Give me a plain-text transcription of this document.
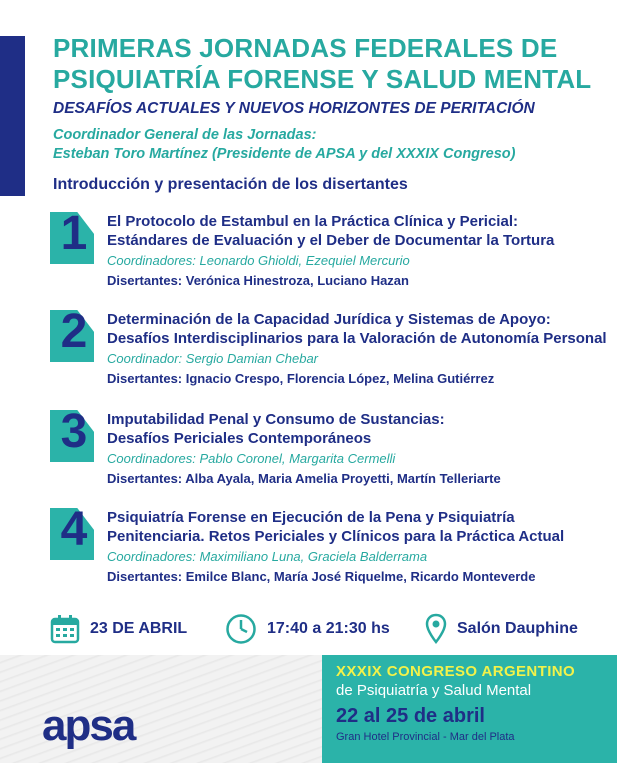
PRIMERAS JORNADAS FEDERALES DE
PSIQUIATRÍA FORENSE Y SALUD MENTAL
DESAFÍOS ACTUALES Y NUEVOS HORIZONTES DE PERITACIÓN
Coordinador General de las Jornadas:
Esteban Toro Martínez (Presidente de APSA y del XXXIX Congreso)
Introducción y presentación de los disertantes
1	El Protocolo de Estambul en la Práctica Clínica y Pericial:
Estándares de Evaluación y el Deber de Documentar la Tortura
Coordinadores: Leonardo Ghioldi, Ezequiel Mercurio
Disertantes: Verónica Hinestroza, Luciano Hazan
2	Determinación de la Capacidad Jurídica y Sistemas de Apoyo:
Desafíos Interdisciplinarios para la Valoración de Autonomía Personal
Coordinador: Sergio Damian Chebar
Disertantes: Ignacio Crespo, Florencia López, Melina Gutiérrez
3	Imputabilidad Penal y Consumo de Sustancias:
Desafíos Periciales Contemporáneos
Coordinadores: Pablo Coronel, Margarita Cermelli
Disertantes: Alba Ayala, Maria Amelia Proyetti, Martín Telleriarte
4	Psiquiatría Forense en Ejecución de la Pena y Psiquiatría
Penitenciaria. Retos Periciales y Clínicos para la Práctica Actual
Coordinadores: Maximiliano Luna, Graciela Balderrama
Disertantes: Emilce Blanc, María José Riquelme, Ricardo Monteverde
23 DE ABRIL	17:40 a 21:30 hs	Salón Dauphine
apsa
XXXIX CONGRESO ARGENTINO
de Psiquiatría y Salud Mental
22 al 25 de abril
Gran Hotel Provincial - Mar del Plata
